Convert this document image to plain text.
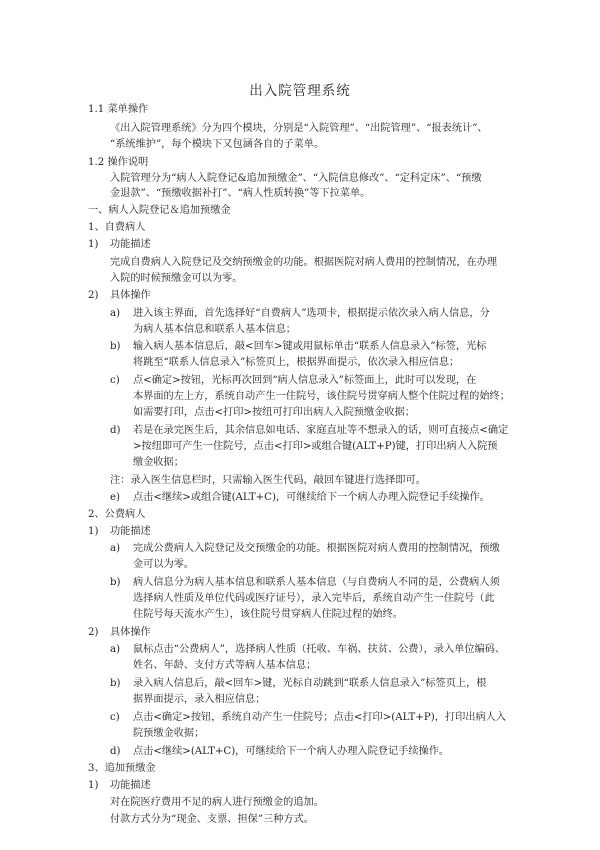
出入院管理系统
1.1 菜单操作
《出入院管理系统》分为四个模块，分别是“入院管理”、“出院管理”、“报表统计”、
“系统维护”，每个模块下又包涵各自的子菜单。
1.2 操作说明
入院管理分为“病人入院登记&追加预缴金”、“入院信息修改”、“定科定床”、“预缴
金退款”、“预缴收据补打”、“病人性质转换”等下拉菜单。
一、病人入院登记＆追加预缴金
1、自费病人
1) 功能描述
完成自费病人入院登记及交纳预缴金的功能。根据医院对病人费用的控制情况，在办理
入院的时候预缴金可以为零。
2) 具体操作
a) 进入该主界面，首先选择好“自费病人”选项卡，根据提示依次录入病人信息，分
为病人基本信息和联系人基本信息；
b) 输入病人基本信息后，敲<回车>键或用鼠标单击“联系人信息录入”标签，光标
将跳至“联系人信息录入”标签页上，根据界面提示，依次录入相应信息；
c) 点<确定>按钮，光标再次回到“病人信息录入”标签面上，此时可以发现，在
本界面的左上方，系统自动产生一住院号，该住院号贯穿病人整个住院过程的始终；
如需要打印，点击<打印>按纽可打印出病人入院预缴金收据；
d) 若是在录完医生后，其余信息如电话、家庭直址等不想录入的话，则可直接点<确定
>按纽即可产生一住院号，点击<打印>或组合键(ALT+P)键，打印出病人入院预
缴金收据；
注：录入医生信息栏时，只需输入医生代码，敲回车键进行选择即可。
e) 点击<继续>或组合键(ALT+C)，可继续给下一个病人办理入院登记手续操作。
2、公费病人
1) 功能描述
a) 完成公费病人入院登记及交预缴金的功能。根据医院对病人费用的控制情况，预缴
金可以为零。
b) 病人信息分为病人基本信息和联系人基本信息（与自费病人不同的是，公费病人须
选择病人性质及单位代码或医疗证号），录入完毕后，系统自动产生一住院号（此
住院号每天流水产生），该住院号贯穿病人住院过程的始终。
2) 具体操作
a) 鼠标点击“公费病人”，选择病人性质（托收、车祸、扶贫、公费），录入单位编码、
姓名、年龄、支付方式等病人基本信息；
b) 录入病人信息后，敲<回车>键，光标自动跳到“联系人信息录入”标签页上，根
据界面提示，录入相应信息；
c) 点击<确定>按钮，系统自动产生一住院号；点击<打印>(ALT+P)，打印出病人入
院预缴金收据；
d) 点击<继续>(ALT+C)，可继续给下一个病人办理入院登记手续操作。
3、追加预缴金
1) 功能描述
对在院医疗费用不足的病人进行预缴金的追加。
付款方式分为“现金、支票、担保”三种方式。
